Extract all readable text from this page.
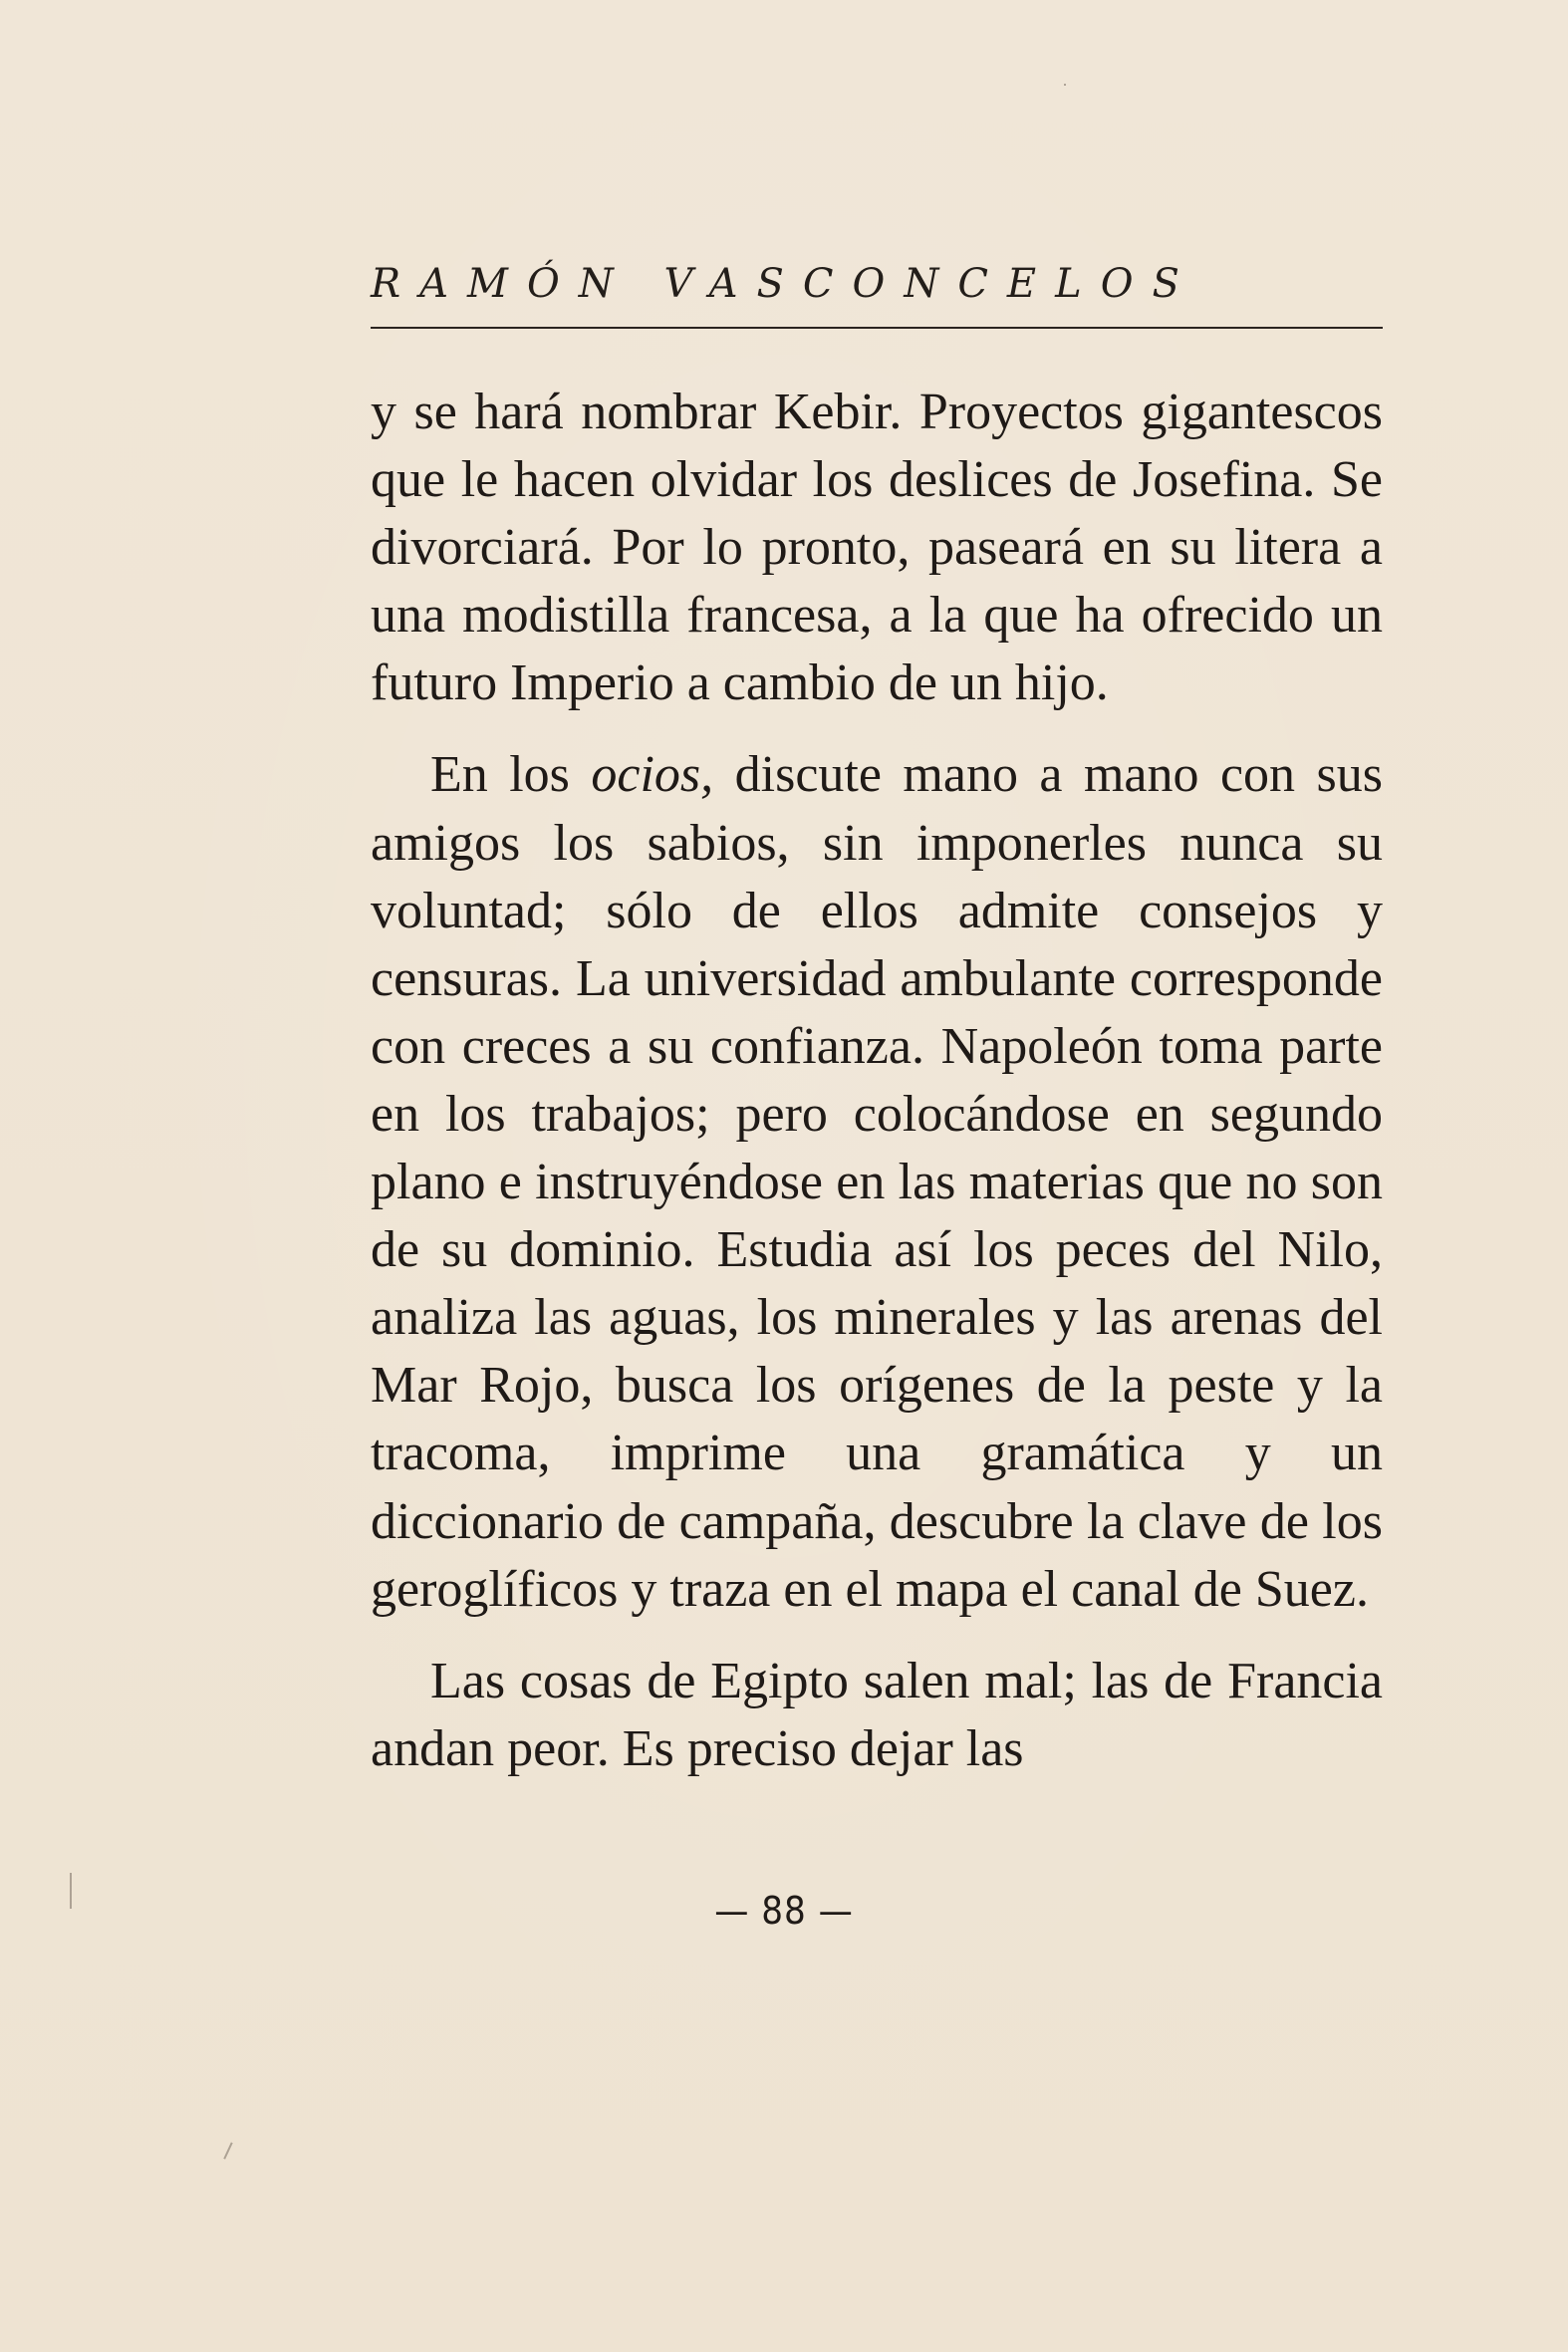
RAMÓN VASCONCELOS

y se hará nombrar Kebir. Proyectos gigantescos que le hacen olvidar los deslices de Josefina. Se divorciará. Por lo pronto, paseará en su litera a una modistilla francesa, a la que ha ofrecido un futuro Imperio a cambio de un hijo.

En los ocios, discute mano a mano con sus amigos los sabios, sin imponerles nunca su voluntad; sólo de ellos admite consejos y censuras. La universidad ambulante corresponde con creces a su confianza. Napoleón toma parte en los trabajos; pero colocándose en segundo plano e instruyéndose en las materias que no son de su dominio. Estudia así los peces del Nilo, analiza las aguas, los minerales y las arenas del Mar Rojo, busca los orígenes de la peste y la tracoma, imprime una gramática y un diccionario de campaña, descubre la clave de los geroglíficos y traza en el mapa el canal de Suez.

Las cosas de Egipto salen mal; las de Francia andan peor. Es preciso dejar las

— 88 —
